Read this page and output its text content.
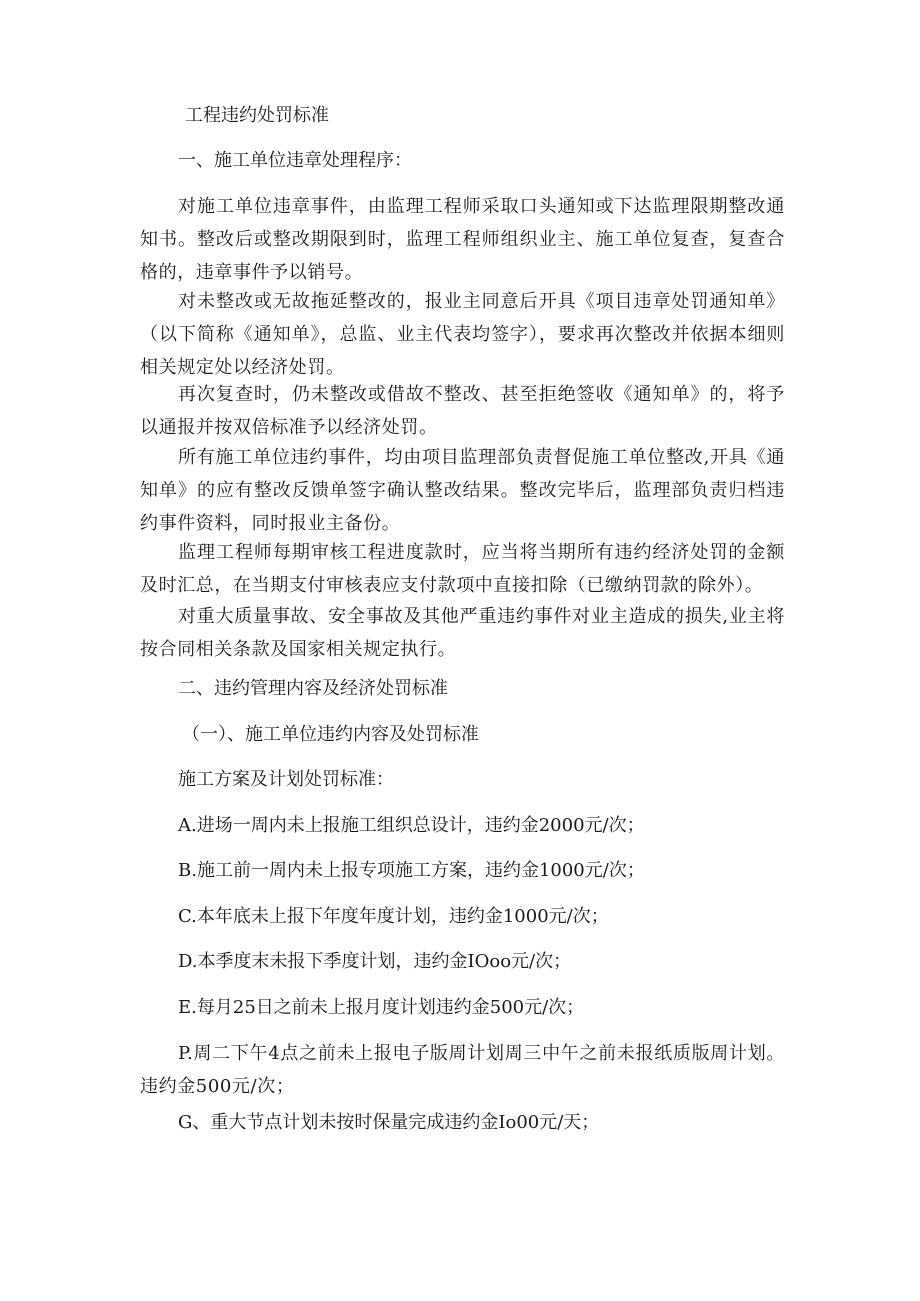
工程违约处罚标准
一、施工单位违章处理程序：

对施工单位违章事件，由监理工程师采取口头通知或下达监理限期整改通知书。整改后或整改期限到时，监理工程师组织业主、施工单位复查，复查合格的，违章事件予以销号。

对未整改或无故拖延整改的，报业主同意后开具《项目违章处罚通知单》（以下简称《通知单》，总监、业主代表均签字），要求再次整改并依据本细则相关规定处以经济处罚。

再次复查时，仍未整改或借故不整改、甚至拒绝签收《通知单》的，将予以通报并按双倍标准予以经济处罚。

所有施工单位违约事件，均由项目监理部负责督促施工单位整改,开具《通知单》的应有整改反馈单签字确认整改结果。整改完毕后，监理部负责归档违约事件资料，同时报业主备份。

监理工程师每期审核工程进度款时，应当将当期所有违约经济处罚的金额及时汇总，在当期支付审核表应支付款项中直接扣除（已缴纳罚款的除外）。

对重大质量事故、安全事故及其他严重违约事件对业主造成的损失,业主将按合同相关条款及国家相关规定执行。

二、违约管理内容及经济处罚标准
（一）、施工单位违约内容及处罚标准
施工方案及计划处罚标准：
A.进场一周内未上报施工组织总设计，违约金2000元/次；
B.施工前一周内未上报专项施工方案，违约金1000元/次；
C.本年底未上报下年度年度计划，违约金1000元/次；
D.本季度末未报下季度计划，违约金IOoo元/次；
E.每月25日之前未上报月度计划违约金500元/次；

P.周二下午4点之前未上报电子版周计划周三中午之前未报纸质版周计划。违约金500元/次；

G、重大节点计划未按时保量完成违约金Io00元/天；
